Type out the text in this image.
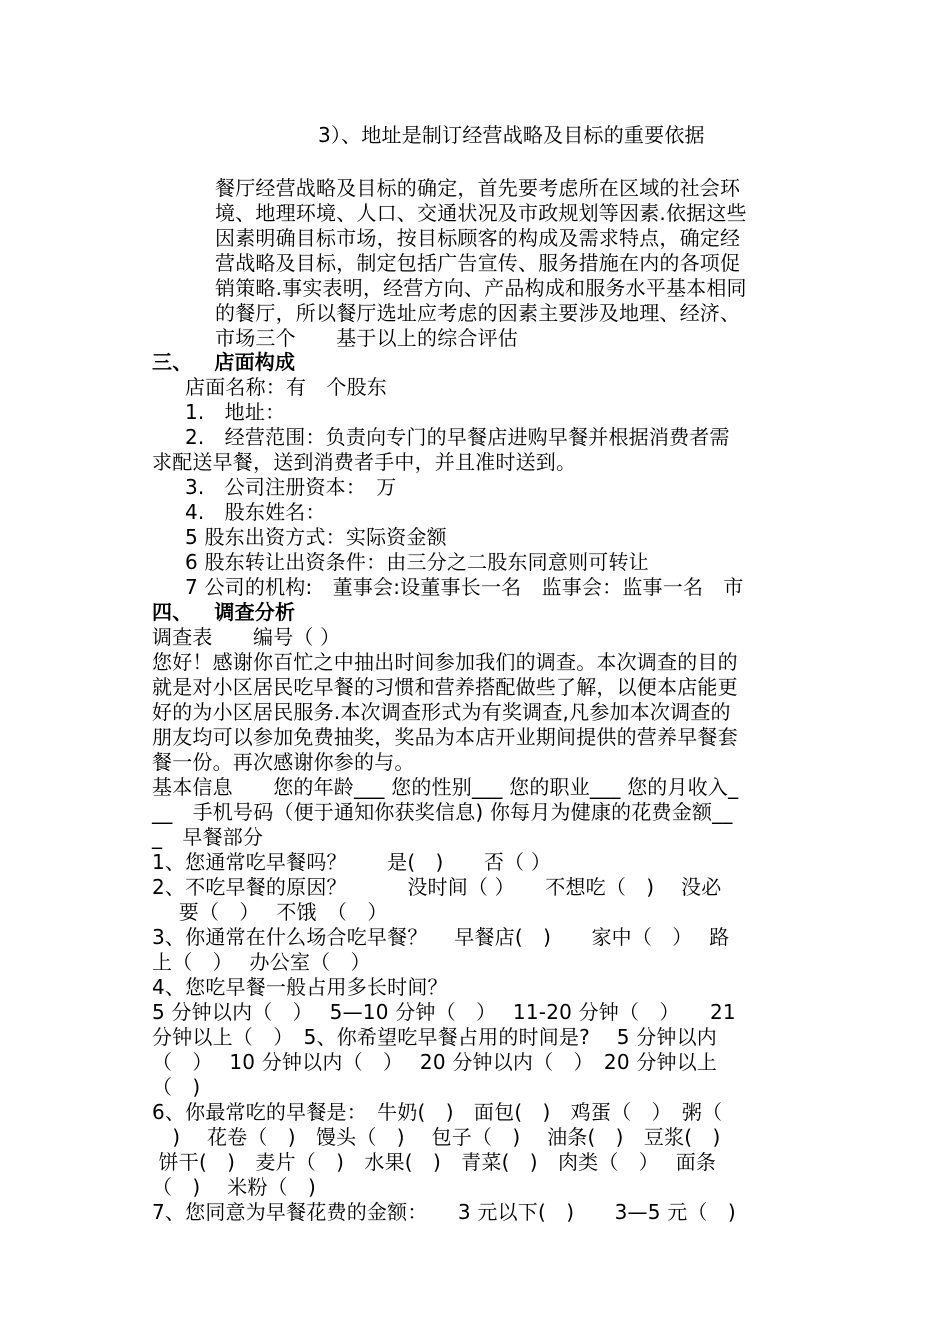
3）、地址是制订经营战略及目标的重要依据
餐厅经营战略及目标的确定，首先要考虑所在区域的社会环
境、地理环境、人口、交通状况及市政规划等因素.依据这些
因素明确目标市场，按目标顾客的构成及需求特点，确定经
营战略及目标，制定包括广告宣传、服务措施在内的各项促
销策略.事实表明，经营方向、产品构成和服务水平基本相同
的餐厅，所以餐厅选址应考虑的因素主要涉及地理、经济、
市场三个　　基于以上的综合评估
三、 店面构成
店面名称：有　个股东
1.　地址：
2.　经营范围：负责向专门的早餐店进购早餐并根据消费者需
求配送早餐，送到消费者手中，并且准时送到。
3.　公司注册资本：　万
4.　股东姓名：
5 股东出资方式：实际资金额
6 股东转让出资条件：由三分之二股东同意则可转让
7 公司的机构:　董事会:设董事长一名　监事会：监事一名　市
四、 调查分析
调查表　　编号（ ）
您好！感谢你百忙之中抽出时间参加我们的调查。本次调查的目的
就是对小区居民吃早餐的习惯和营养搭配做些了解，以便本店能更
好的为小区居民服务.本次调查形式为有奖调查,凡参加本次调查的
朋友均可以参加免费抽奖，奖品为本店开业期间提供的营养早餐套
餐一份。再次感谢你参的与。
基本信息　　您的年龄___ 您的性别___ 您的职业___ 您的月收入_
__　手机号码（便于通知你获奖信息) 你每月为健康的花费金额__
_　早餐部分
1、您通常吃早餐吗？　　是(　)　　否（ ）
2、不吃早餐的原因？　　　没时间（ ）　　不想吃（　)　 没必
　 要（　）　 不饿　（　）
3、你通常在什么场合吃早餐？　 早餐店(　)　　家中（　）　 路
上（　）　 办公室（　）
4、您吃早餐一般占用多长时间？
5 分钟以内（　）　 5—10 分钟（　）　 11-20 分钟（　）　　21
分钟以上（　）　5、你希望吃早餐占用的时间是?　 5 分钟以内
（　）　 10 分钟以内（　）　 20 分钟以内（　）　20 分钟以上
（　)
6、你最常吃的早餐是：　牛奶(　)　面包(　)　鸡蛋（　）　粥（
　)　 花卷（　)　馒头（　)　 包子（　)　 油条(　)　豆浆(　)
饼干(　)　麦片（　)　水果(　)　青菜(　)　肉类（　）　 面条
（　)　 米粉（　)
7、您同意为早餐花费的金额：　　3 元以下(　)　　3—5 元（　)
